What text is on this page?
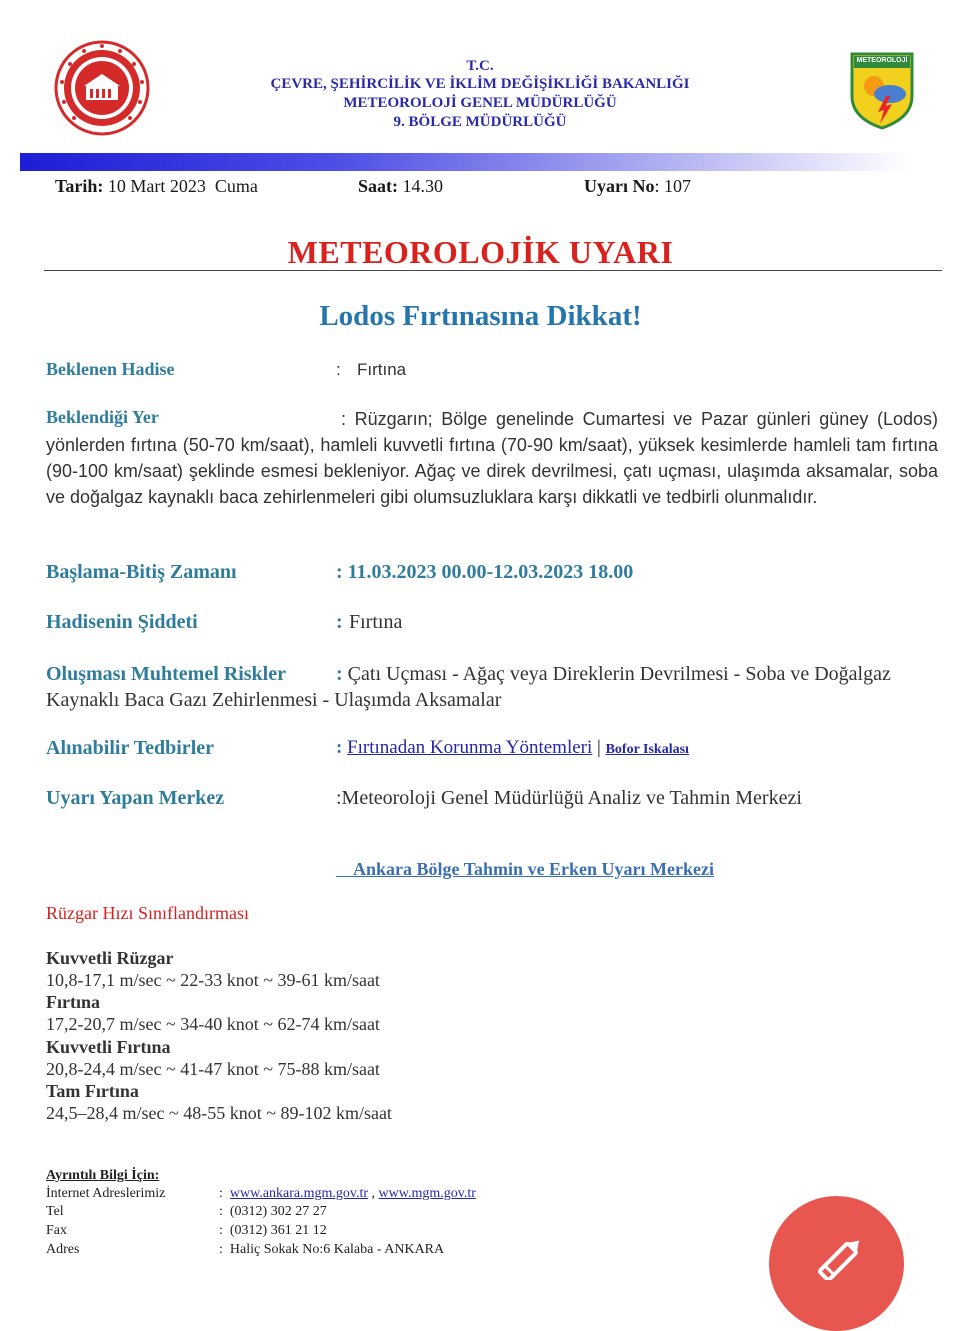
T.C.
ÇEVRE, ŞEHİRCİLİK VE İKLİM DEĞİŞİKLİĞİ BAKANLIĞI
METEOROLOJİ GENEL MÜDÜRLÜĞÜ
9. BÖLGE MÜDÜRLÜĞÜ
METEOROLOJİ
Tarih: 10 Mart 2023  Cuma	Saat: 14.30	Uyarı No: 107
METEOROLOJİK UYARI
Lodos Fırtınasına Dikkat!
Beklenen Hadise	: Fırtına
Beklendiği Yer	: Rüzgarın; Bölge genelinde Cumartesi ve Pazar günleri güney (Lodos) yönlerden fırtına (50-70 km/saat), hamleli kuvvetli fırtına (70-90 km/saat), yüksek kesimlerde hamleli tam fırtına (90-100 km/saat) şeklinde esmesi bekleniyor. Ağaç ve direk devrilmesi, çatı uçması, ulaşımda aksamalar, soba ve doğalgaz kaynaklı baca zehirlenmeleri gibi olumsuzluklara karşı dikkatli ve tedbirli olunmalıdır.
Başlama-Bitiş Zamanı	: 11.03.2023 00.00-12.03.2023 18.00
Hadisenin Şiddeti	: Fırtına
Oluşması Muhtemel Riskler	: Çatı Uçması - Ağaç veya Direklerin Devrilmesi - Soba ve Doğalgaz Kaynaklı Baca Gazı Zehirlenmesi - Ulaşımda Aksamalar
Alınabilir Tedbirler	: Fırtınadan Korunma Yöntemleri | Bofor Iskalası
Uyarı Yapan Merkez	:Meteoroloji Genel Müdürlüğü Analiz ve Tahmin Merkezi
Ankara Bölge Tahmin ve Erken Uyarı Merkezi
Rüzgar Hızı Sınıflandırması
Kuvvetli Rüzgar
10,8-17,1 m/sec ~ 22-33 knot ~ 39-61 km/saat
Fırtına
17,2-20,7 m/sec ~ 34-40 knot ~ 62-74 km/saat
Kuvvetli Fırtına
20,8-24,4 m/sec ~ 41-47 knot ~ 75-88 km/saat
Tam Fırtına
24,5–28,4 m/sec ~ 48-55 knot ~ 89-102 km/saat
Ayrıntılı Bilgi İçin:
İnternet Adreslerimiz	:  www.ankara.mgm.gov.tr , www.mgm.gov.tr
Tel	:  (0312) 302 27 27
Fax	:  (0312) 361 21 12
Adres	:  Haliç Sokak No:6 Kalaba - ANKARA
